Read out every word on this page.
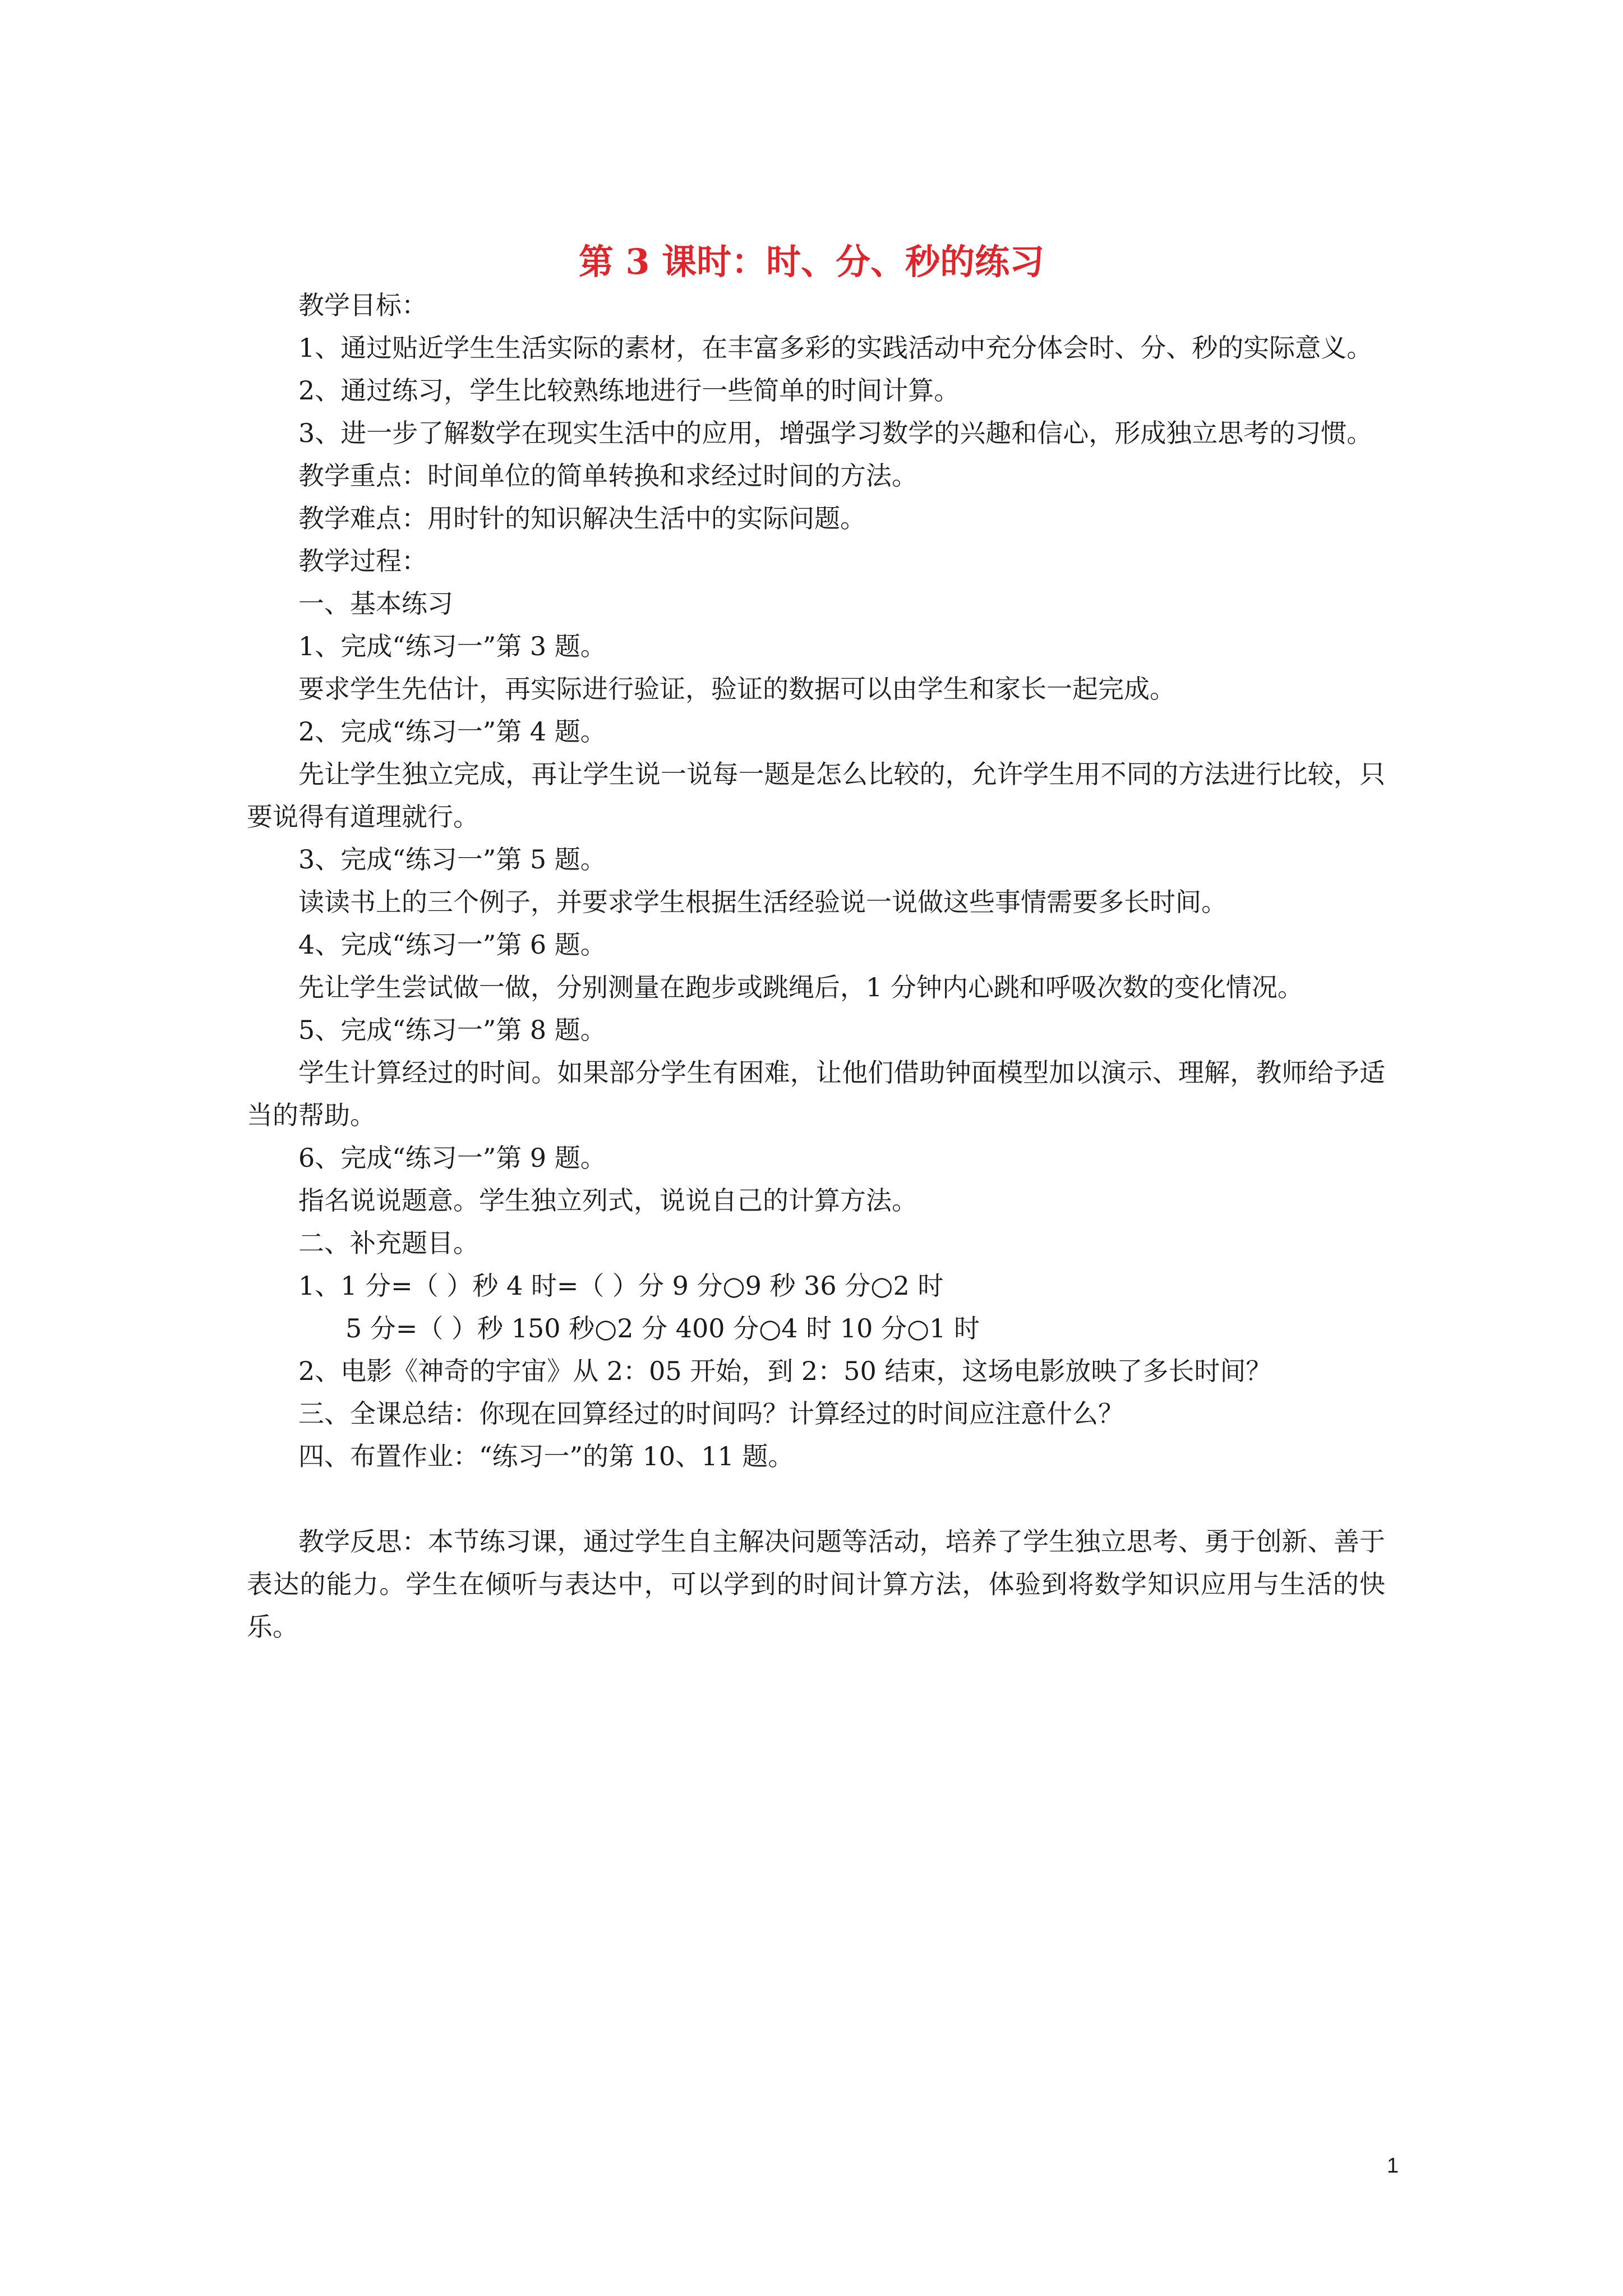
第 3 课时：时、分、秒的练习

教学目标：

1、通过贴近学生生活实际的素材，在丰富多彩的实践活动中充分体会时、分、秒的实际意义。

2、通过练习，学生比较熟练地进行一些简单的时间计算。

3、进一步了解数学在现实生活中的应用，增强学习数学的兴趣和信心，形成独立思考的习惯。

教学重点：时间单位的简单转换和求经过时间的方法。

教学难点：用时针的知识解决生活中的实际问题。

教学过程：

一、基本练习

1、完成“练习一”第 3 题。

要求学生先估计，再实际进行验证，验证的数据可以由学生和家长一起完成。

2、完成“练习一”第 4 题。

先让学生独立完成，再让学生说一说每一题是怎么比较的，允许学生用不同的方法进行比较，只要说得有道理就行。

3、完成“练习一”第 5 题。

读读书上的三个例子，并要求学生根据生活经验说一说做这些事情需要多长时间。

4、完成“练习一”第 6 题。

先让学生尝试做一做，分别测量在跑步或跳绳后，1 分钟内心跳和呼吸次数的变化情况。

5、完成“练习一”第 8 题。

学生计算经过的时间。如果部分学生有困难，让他们借助钟面模型加以演示、理解，教师给予适当的帮助。

6、完成“练习一”第 9 题。

指名说说题意。学生独立列式，说说自己的计算方法。

二、补充题目。

1、1 分=（ ）秒 4 时=（ ）分 9 分○9 秒 36 分○2 时

5 分=（ ）秒 150 秒○2 分 400 分○4 时 10 分○1 时

2、电影《神奇的宇宙》从 2：05 开始，到 2：50 结束，这场电影放映了多长时间？

三、全课总结：你现在回算经过的时间吗？计算经过的时间应注意什么？

四、布置作业：“练习一”的第 10、11 题。

教学反思：本节练习课，通过学生自主解决问题等活动，培养了学生独立思考、勇于创新、善于表达的能力。学生在倾听与表达中，可以学到的时间计算方法，体验到将数学知识应用与生活的快乐。

1
